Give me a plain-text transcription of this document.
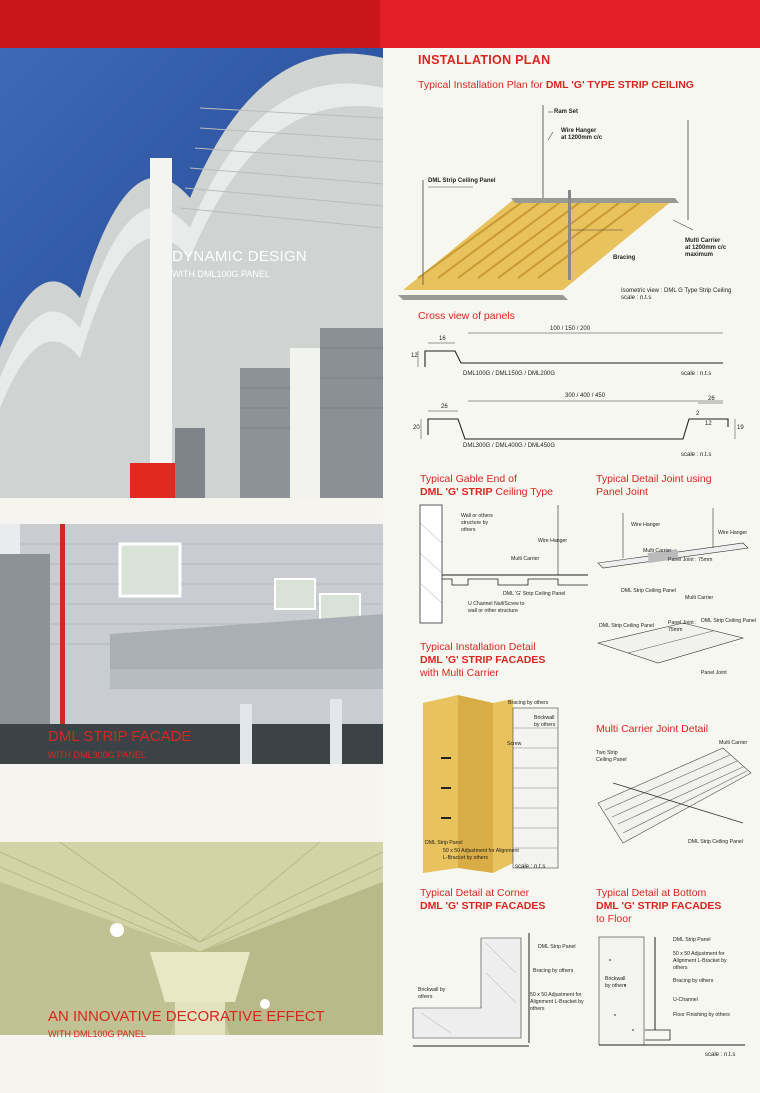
DYNAMIC DESIGN
WITH DML100G PANEL
DML STRIP FACADE
WITH DML300G PANEL
AN INNOVATIVE DECORATIVE EFFECT
WITH DML100G PANEL
INSTALLATION PLAN
Typical Installation Plan for DML 'G' TYPE STRIP CEILING
Ram Set
Wire Hanger
at 1200mm c/c
DML Strip Ceiling Panel
Multi Carrier
at 1200mm c/c
maximum
Bracing
Isometric view : DML G Type Strip Ceiling
scale : n.t.s
Cross view of panels
100 / 150 / 200
16
12
DML100G / DML150G / DML200G	scale : n.t.s
300 / 400 / 450
26
26
20
2
12
19
DML300G / DML400G / DML450G
scale : n.t.s
Typical Gable End of
DML 'G' STRIP Ceiling Type
Wall or others structure by others
Wire Hanger
Multi Carrier
DML 'G' Strip Ceiling Panel
U Channel Nail/Screw to wall or other structure
Typical Detail Joint using
Panel Joint
Wire Hanger
Wire Hanger
Multi Carrier
Panel Joint : 75mm
DML Strip Ceiling Panel
Multi Carrier
DML Strip Ceiling Panel	Panel Joint : 75mm
DML Strip Ceiling Panel
Panel Joint
Typical Installation Detail
DML 'G' STRIP FACADES
with Multi Carrier
Bracing by others
Brickwall by others
Screw
DML Strip Panel
50 x 50 Adjustment for Alignment L-Bracket by others
scale : n.t.s
Multi Carrier Joint Detail
Multi Carrier
Two Strip Ceiling Panel
DML Strip Ceiling Panel
Typical Detail at Corner
DML 'G' STRIP FACADES
DML Strip Panel
Bracing by others
Brickwall by others	50 x 50 Adjustment for Alignment L-Bracket by others
Typical Detail at Bottom
DML 'G' STRIP FACADES
to Floor
DML Strip Panel
50 x 50 Adjustment for Alignment L-Bracket by others
Brickwall by others
Bracing by others
U-Channel
Floor Finishing by others
scale : n.t.s
